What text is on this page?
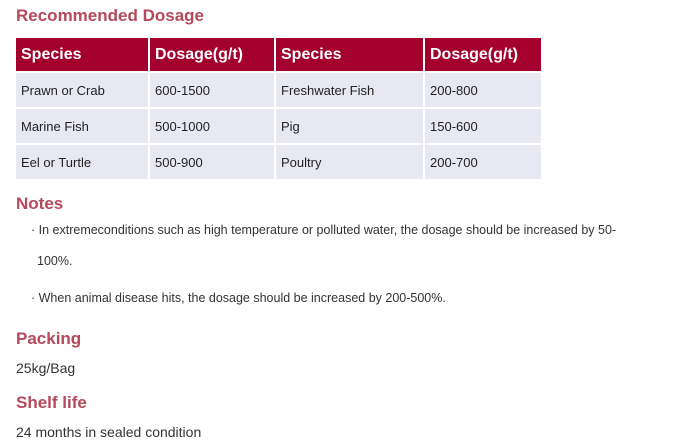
Recommended Dosage
Species	Dosage(g/t)	Species	Dosage(g/t)
Prawn or Crab	600-1500	Freshwater Fish	200-800
Marine Fish	500-1000	Pig	150-600
Eel or Turtle	500-900	Poultry	200-700
Notes

· In extremeconditions such as high temperature or polluted water, the dosage should be increased by 50-

100%.

· When animal disease hits, the dosage should be increased by 200-500%.

Packing

25kg/Bag

Shelf life

24 months in sealed condition
